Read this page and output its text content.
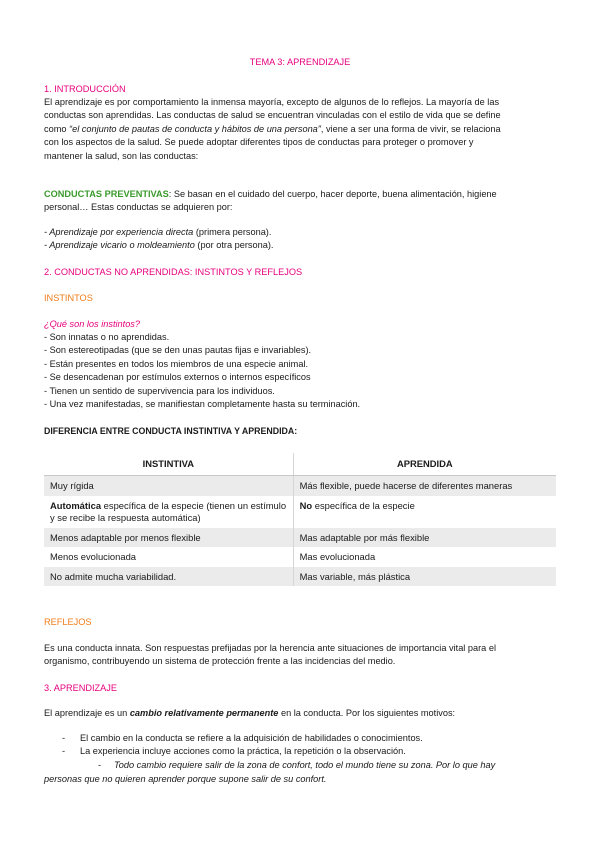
TEMA 3: APRENDIZAJE
1. INTRODUCCIÓN
El aprendizaje es por comportamiento la inmensa mayoría, excepto de algunos de lo reflejos. La mayoría de las
conductas son aprendidas. Las conductas de salud se encuentran vinculadas con el estilo de vida que se define
como “el conjunto de pautas de conducta y hábitos de una persona”, viene a ser una forma de vivir, se relaciona
con los aspectos de la salud. Se puede adoptar diferentes tipos de conductas para proteger o promover y
mantener la salud, son las conductas:
CONDUCTAS PREVENTIVAS: Se basan en el cuidado del cuerpo, hacer deporte, buena alimentación, higiene
personal… Estas conductas se adquieren por:
- Aprendizaje por experiencia directa (primera persona).
- Aprendizaje vicario o moldeamiento (por otra persona).
2. CONDUCTAS NO APRENDIDAS: INSTINTOS Y REFLEJOS
INSTINTOS
¿Qué son los instintos?
- Son innatas o no aprendidas.
- Son estereotipadas (que se den unas pautas fijas e invariables).
- Están presentes en todos los miembros de una especie animal.
- Se desencadenan por estímulos externos o internos específicos
- Tienen un sentido de supervivencia para los individuos.
- Una vez manifestadas, se manifiestan completamente hasta su terminación.
DIFERENCIA ENTRE CONDUCTA INSTINTIVA Y APRENDIDA:
INSTINTIVA	APRENDIDA
Muy rígida	Más flexible, puede hacerse de diferentes maneras
Automática específica de la especie (tienen un estímulo y se recibe la respuesta automática)	No específica de la especie
Menos adaptable por menos flexible	Mas adaptable por más flexible
Menos evolucionada	Mas evolucionada
No admite mucha variabilidad.	Mas variable, más plástica
REFLEJOS
Es una conducta innata. Son respuestas prefijadas por la herencia ante situaciones de importancia vital para el
organismo, contribuyendo un sistema de protección frente a las incidencias del medio.
3. APRENDIZAJE
El aprendizaje es un cambio relativamente permanente en la conducta. Por los siguientes motivos:
- El cambio en la conducta se refiere a la adquisición de habilidades o conocimientos.
- La experiencia incluye acciones como la práctica, la repetición o la observación.
- Todo cambio requiere salir de la zona de confort, todo el mundo tiene su zona. Por lo que hay
personas que no quieren aprender porque supone salir de su confort.
